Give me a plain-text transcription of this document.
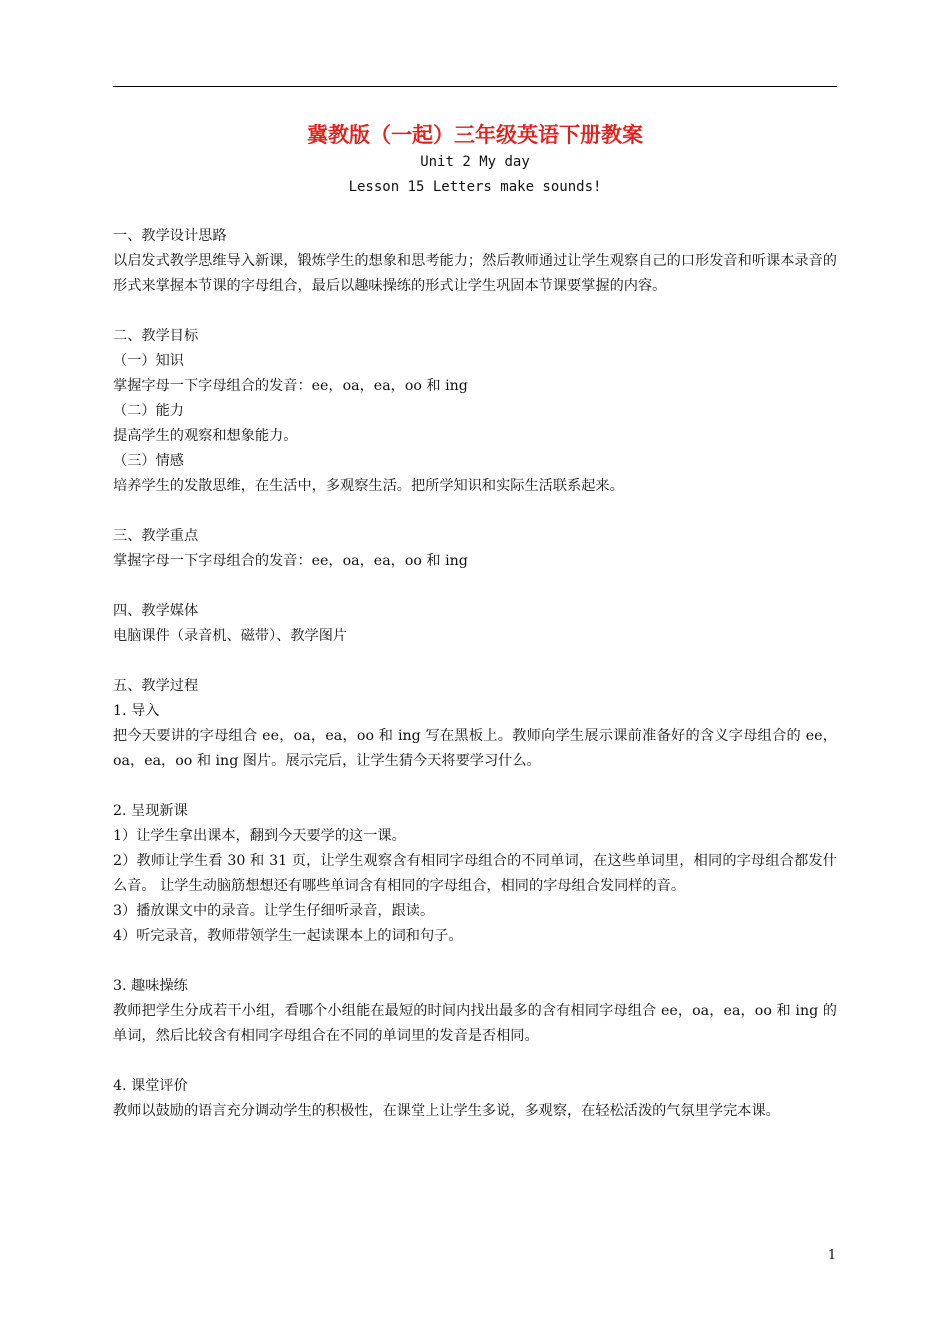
冀教版（一起）三年级英语下册教案
Unit 2 My day
Lesson 15 Letters make sounds!
一、教学设计思路
以启发式教学思维导入新课，锻炼学生的想象和思考能力；然后教师通过让学生观察自己的口形发音和听课本录音的形式来掌握本节课的字母组合，最后以趣味操练的形式让学生巩固本节课要掌握的内容。
二、教学目标
（一）知识
掌握字母一下字母组合的发音：ee，oa，ea，oo 和 ing
（二）能力
提高学生的观察和想象能力。
（三）情感
培养学生的发散思维，在生活中，多观察生活。把所学知识和实际生活联系起来。
三、教学重点
掌握字母一下字母组合的发音：ee，oa，ea，oo 和 ing
四、教学媒体
电脑课件（录音机、磁带）、教学图片
五、教学过程
1. 导入
把今天要讲的字母组合 ee，oa，ea，oo 和 ing 写在黑板上。教师向学生展示课前准备好的含义字母组合的 ee，oa，ea，oo 和 ing 图片。展示完后，让学生猜今天将要学习什么。
2. 呈现新课
1）让学生拿出课本，翻到今天要学的这一课。
2）教师让学生看 30 和 31 页，让学生观察含有相同字母组合的不同单词，在这些单词里，相同的字母组合都发什么音。 让学生动脑筋想想还有哪些单词含有相同的字母组合，相同的字母组合发同样的音。
3）播放课文中的录音。让学生仔细听录音，跟读。
4）听完录音，教师带领学生一起读课本上的词和句子。
3. 趣味操练
教师把学生分成若干小组，看哪个小组能在最短的时间内找出最多的含有相同字母组合 ee，oa，ea，oo 和 ing 的单词，然后比较含有相同字母组合在不同的单词里的发音是否相同。
4. 课堂评价
教师以鼓励的语言充分调动学生的积极性，在课堂上让学生多说，多观察，在轻松活泼的气氛里学完本课。
1
